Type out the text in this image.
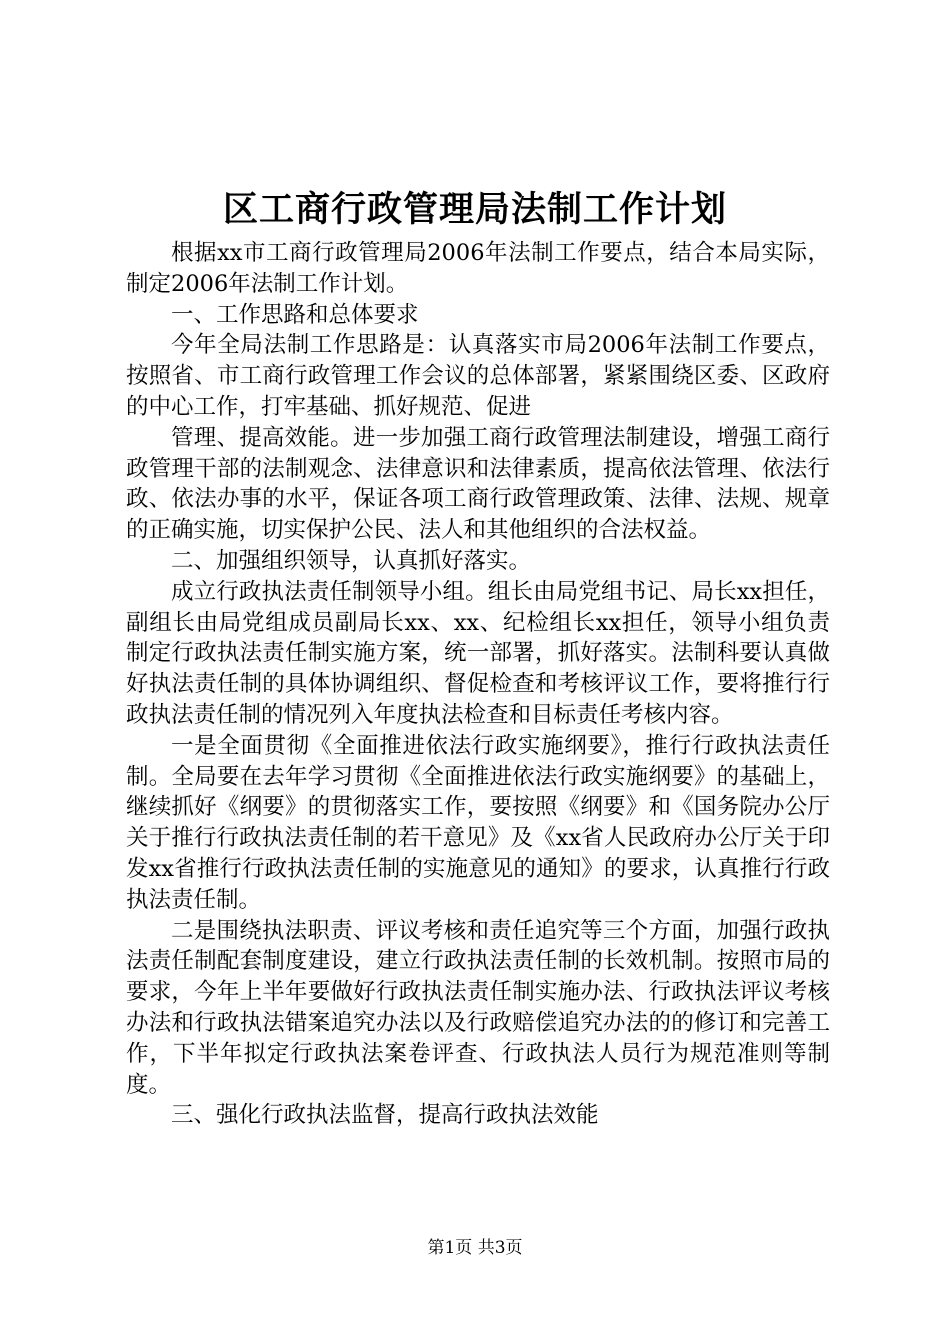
区工商行政管理局法制工作计划

根据xx市工商行政管理局2006年法制工作要点，结合本局实际，制定2006年法制工作计划。

一、工作思路和总体要求

今年全局法制工作思路是：认真落实市局2006年法制工作要点，按照省、市工商行政管理工作会议的总体部署，紧紧围绕区委、区政府的中心工作，打牢基础、抓好规范、促进

管理、提高效能。进一步加强工商行政管理法制建设，增强工商行政管理干部的法制观念、法律意识和法律素质，提高依法管理、依法行政、依法办事的水平，保证各项工商行政管理政策、法律、法规、规章的正确实施，切实保护公民、法人和其他组织的合法权益。

二、加强组织领导，认真抓好落实。

成立行政执法责任制领导小组。组长由局党组书记、局长xx担任，副组长由局党组成员副局长xx、xx、纪检组长xx担任，领导小组负责制定行政执法责任制实施方案，统一部署，抓好落实。法制科要认真做好执法责任制的具体协调组织、督促检查和考核评议工作，要将推行行政执法责任制的情况列入年度执法检查和目标责任考核内容。

一是全面贯彻《全面推进依法行政实施纲要》，推行行政执法责任制。全局要在去年学习贯彻《全面推进依法行政实施纲要》的基础上，继续抓好《纲要》的贯彻落实工作，要按照《纲要》和《国务院办公厅关于推行行政执法责任制的若干意见》及《xx省人民政府办公厅关于印发xx省推行行政执法责任制的实施意见的通知》的要求，认真推行行政执法责任制。

二是围绕执法职责、评议考核和责任追究等三个方面，加强行政执法责任制配套制度建设，建立行政执法责任制的长效机制。按照市局的要求，今年上半年要做好行政执法责任制实施办法、行政执法评议考核办法和行政执法错案追究办法以及行政赔偿追究办法的的修订和完善工作，下半年拟定行政执法案卷评查、行政执法人员行为规范准则等制度。

三、强化行政执法监督，提高行政执法效能

第1页 共3页
